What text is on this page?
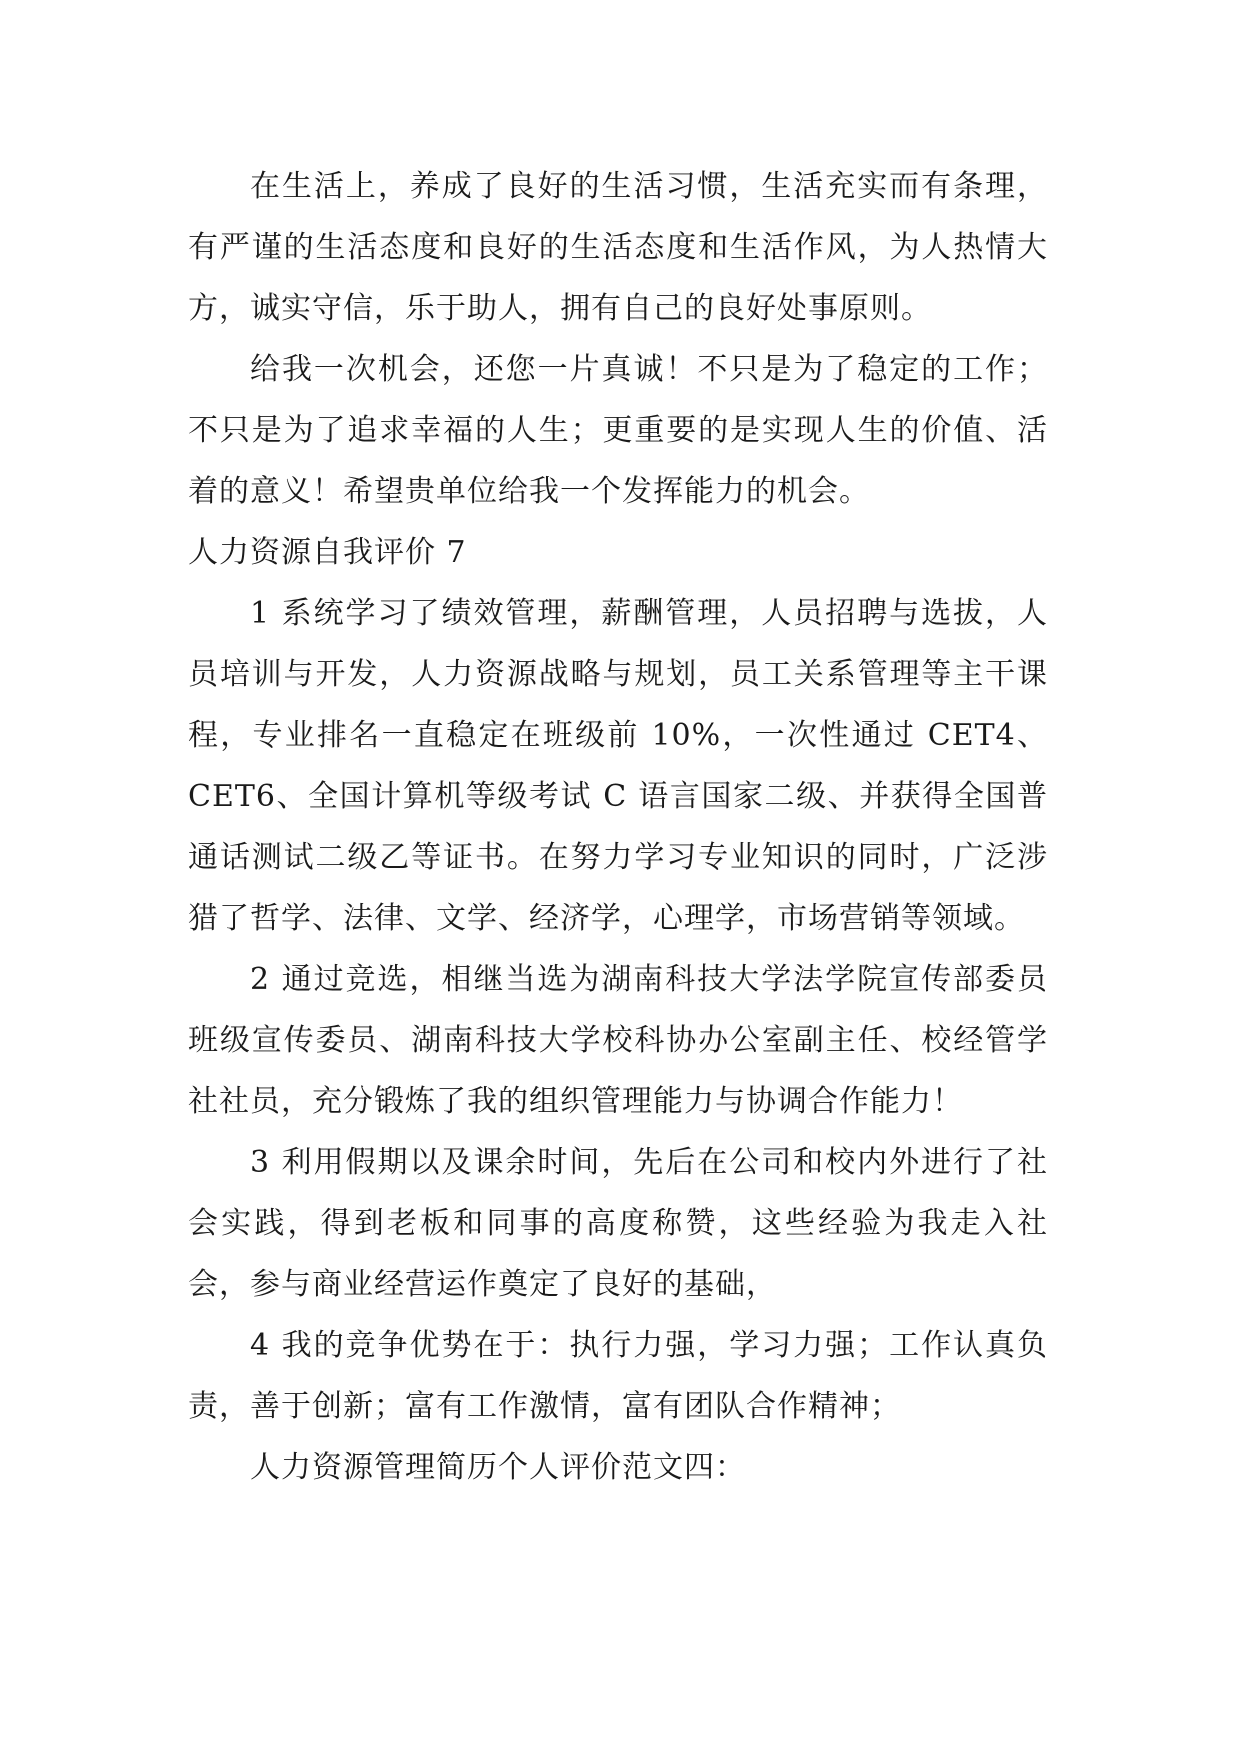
在生活上，养成了良好的生活习惯，生活充实而有条理，有严谨的生活态度和良好的生活态度和生活作风，为人热情大方，诚实守信，乐于助人，拥有自己的良好处事原则。

给我一次机会，还您一片真诚！不只是为了稳定的工作；不只是为了追求幸福的人生；更重要的是实现人生的价值、活着的意义！希望贵单位给我一个发挥能力的机会。

人力资源自我评价 7

1 系统学习了绩效管理，薪酬管理，人员招聘与选拔，人员培训与开发，人力资源战略与规划，员工关系管理等主干课程，专业排名一直稳定在班级前 10%，一次性通过 CET4、CET6、全国计算机等级考试 C 语言国家二级、并获得全国普通话测试二级乙等证书。在努力学习专业知识的同时，广泛涉猎了哲学、法律、文学、经济学，心理学，市场营销等领域。

2 通过竞选，相继当选为湖南科技大学法学院宣传部委员 班级宣传委员、湖南科技大学校科协办公室副主任、校经管学社社员，充分锻炼了我的组织管理能力与协调合作能力！

3 利用假期以及课余时间，先后在公司和校内外进行了社会实践，得到老板和同事的高度称赞，这些经验为我走入社会，参与商业经营运作奠定了良好的基础，

4 我的竞争优势在于：执行力强，学习力强；工作认真负责，善于创新；富有工作激情，富有团队合作精神；

人力资源管理简历个人评价范文四：
